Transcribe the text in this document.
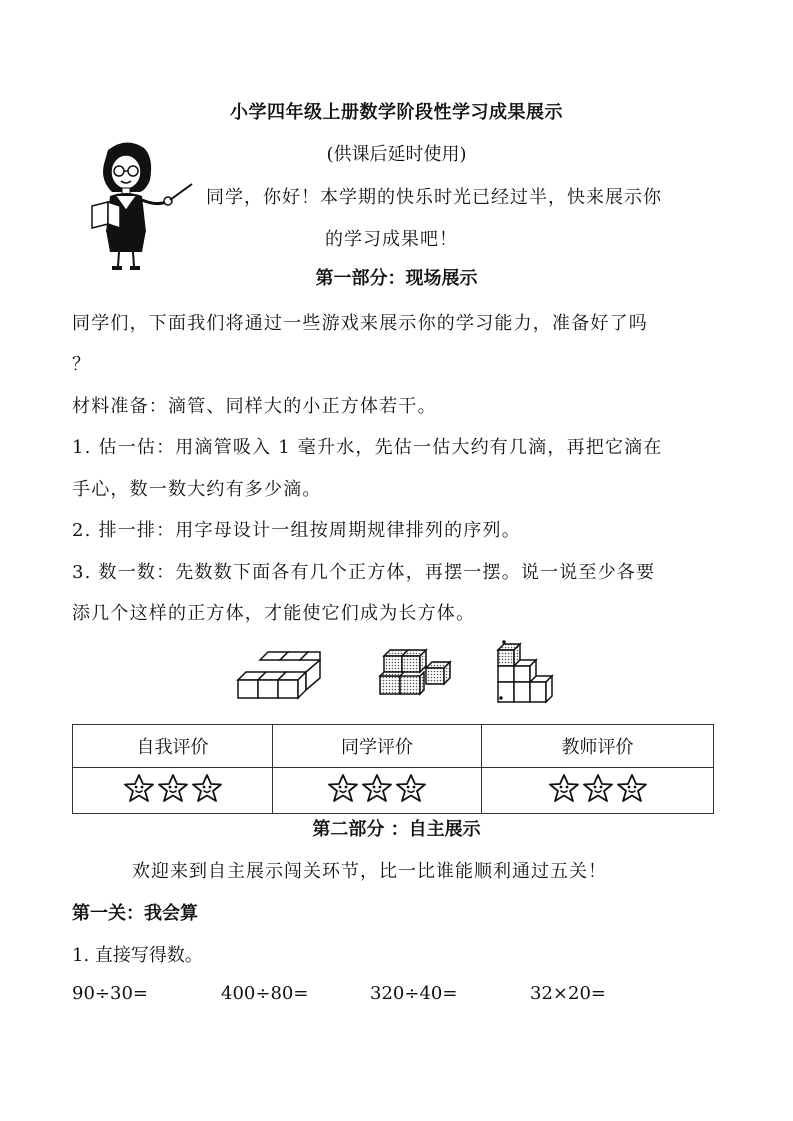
小学四年级上册数学阶段性学习成果展示
(供课后延时使用)
同学，你好！本学期的快乐时光已经过半，快来展示你
的学习成果吧！
第一部分：现场展示
同学们，下面我们将通过一些游戏来展示你的学习能力，准备好了吗
？
材料准备：滴管、同样大的小正方体若干。
1. 估一估：用滴管吸入 1 毫升水，先估一估大约有几滴，再把它滴在
手心，数一数大约有多少滴。
2. 排一排：用字母设计一组按周期规律排列的序列。
3. 数一数：先数数下面各有几个正方体，再摆一摆。说一说至少各要
添几个这样的正方体，才能使它们成为长方体。
自我评价	同学评价	教师评价

第二部分 ：自主展示
欢迎来到自主展示闯关环节，比一比谁能顺利通过五关！
第一关：我会算
1. 直接写得数。
90÷30=	400÷80=	320÷40=	32×20=
